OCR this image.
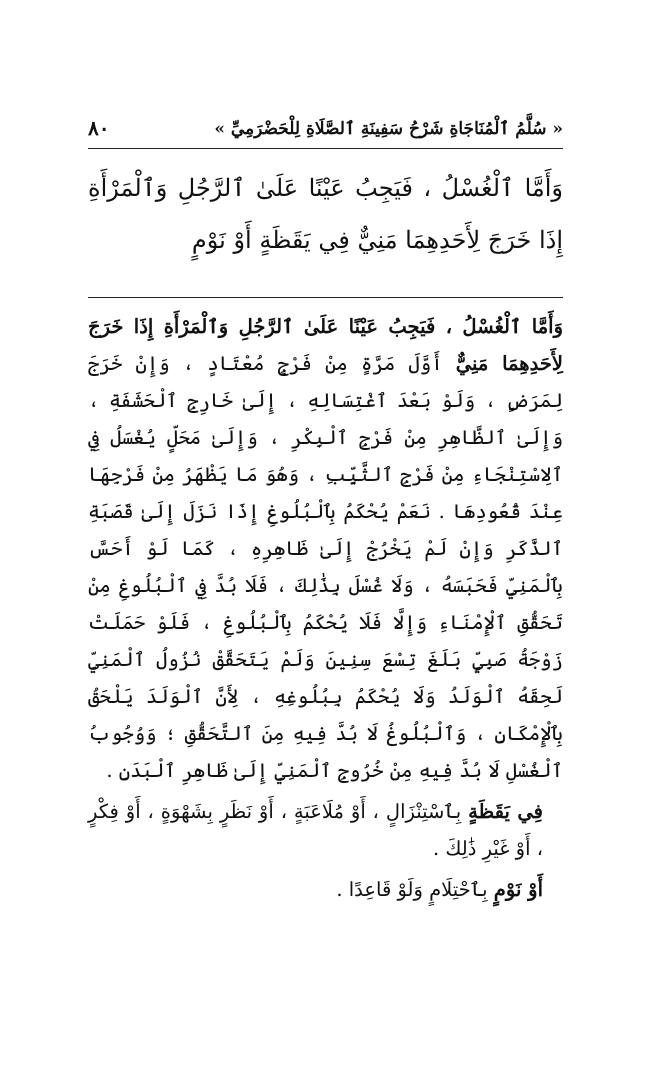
٨٠	« سُلَّمُ ٱلْمُنَاجَاةِ شَرْحُ سَفِينَةِ ٱلصَّلَاةِ لِلْحَضْرَمِيِّ »

وَأَمَّا ٱلْغُسْلُ ، فَيَجِبُ عَيْنًا عَلَىٰ ٱلرَّجُلِ وَٱلْمَرْأَةِ إِذَا خَرَجَ لِأَحَدِهِمَا مَنِيٌّ فِي يَقَظَةٍ أَوْ نَوْمٍ

وَأَمَّا ٱلْغُسْلُ ، فَيَجِبُ عَيْنًا عَلَىٰ ٱلرَّجُلِ وَٱلْمَرْأَةِ إِذَا خَرَجَ لِأَحَدِهِمَا مَنِيٌّ أَوَّلَ مَرَّةٍ مِنْ فَرْجٍ مُعْتَادٍ ، وَإِنْ خَرَجَ لِمَرَضٍ ، وَلَوْ بَعْدَ ٱغْتِسَالِهِ ، إِلَىٰ خَارِجِ ٱلْحَشَفَةِ ، وَإِلَىٰ ٱلظَّاهِرِ مِنْ فَرْجِ ٱلْبِكْرِ ، وَإِلَىٰ مَحَلٍّ يُغْسَلُ فِي ٱلِاسْتِنْجَاءِ مِنْ فَرْجِ ٱلثَّيِّبِ ، وَهُوَ مَا يَظْهَرُ مِنْ فَرْجِهَا عِنْدَ قُعُودِهَا . نَعَمْ يُحْكَمُ بِٱلْبُلُوغِ إِذَا نَزَلَ إِلَىٰ قَصَبَةِ ٱلذَّكَرِ وَإِنْ لَمْ يَخْرُجْ إِلَىٰ ظَاهِرِهِ ، كَمَا لَوْ أَحَسَّ بِٱلْمَنِيِّ فَحَبَسَهُ ، وَلَا غُسْلَ بِذَٰلِكَ ، فَلَا بُدَّ فِي ٱلْبُلُوغِ مِنْ تَحَقُّقِ ٱلْإِمْنَاءِ وَإِلَّا فَلَا يُحْكَمُ بِٱلْبُلُوغِ ، فَلَوْ حَمَلَتْ زَوْجَةُ صَبِيٍّ بَلَغَ تِسْعَ سِنِينَ وَلَمْ يَتَحَقَّقْ نُزُولُ ٱلْمَنِيِّ لَحِقَهُ ٱلْوَلَدُ وَلَا يُحْكَمُ بِبُلُوغِهِ ، لِأَنَّ ٱلْوَلَدَ يَلْحَقُ بِٱلْإِمْكَانِ ، وَٱلْبُلُوغُ لَا بُدَّ فِيهِ مِنَ ٱلتَّحَقُّقِ ؛ وَوُجُوبُ ٱلْغُسْلِ لَا بُدَّ فِيهِ مِنْ خُرُوجِ ٱلْمَنِيِّ إِلَىٰ ظَاهِرِ ٱلْبَدَنِ .

فِي يَقَظَةٍ بِٱسْتِنْزَالٍ ، أَوْ مُلَاعَبَةٍ ، أَوْ نَظَرٍ بِشَهْوَةٍ ، أَوْ فِكْرٍ ، أَوْ غَيْرِ ذَٰلِكَ .

أَوْ نَوْمٍ بِٱحْتِلَامٍ وَلَوْ قَاعِدًا .
